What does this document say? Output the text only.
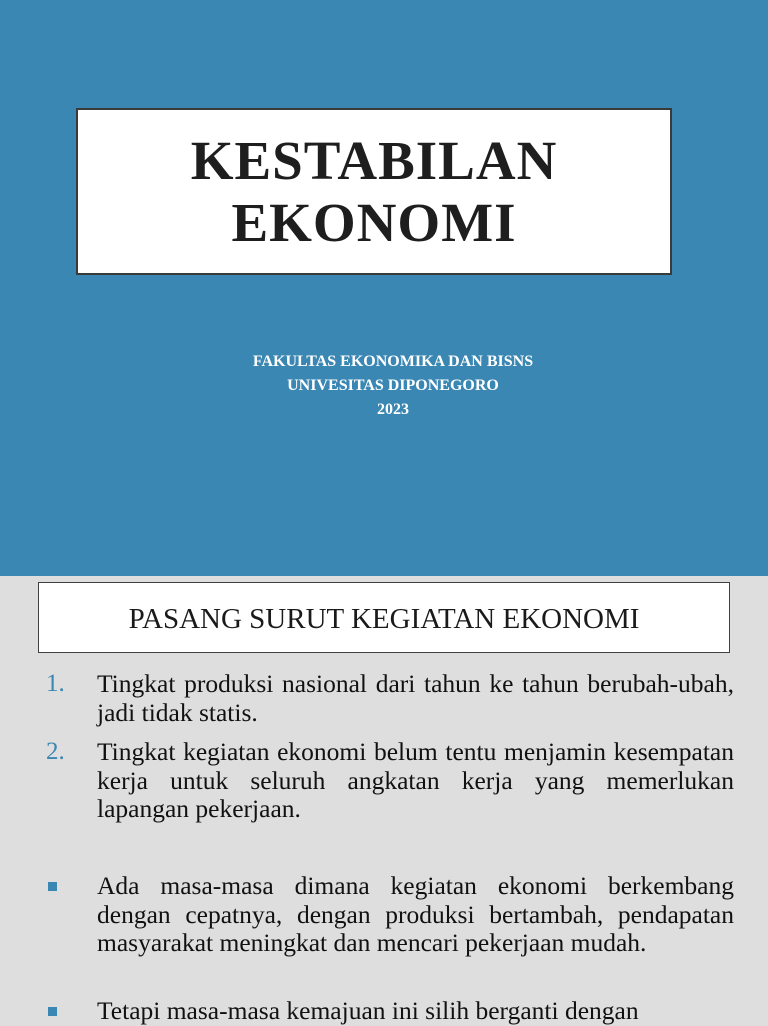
KESTABILAN
EKONOMI
FAKULTAS EKONOMIKA DAN BISNS
UNIVESITAS DIPONEGORO
2023
PASANG SURUT KEGIATAN EKONOMI
1. Tingkat produksi nasional dari tahun ke tahun berubah-ubah, jadi tidak statis.
2. Tingkat kegiatan ekonomi belum tentu menjamin kesempatan kerja untuk seluruh angkatan kerja yang memerlukan lapangan pekerjaan.
Ada masa-masa dimana kegiatan ekonomi berkembang dengan cepatnya, dengan produksi bertambah, pendapatan masyarakat meningkat dan mencari pekerjaan mudah.
Tetapi masa-masa kemajuan ini silih berganti dengan
